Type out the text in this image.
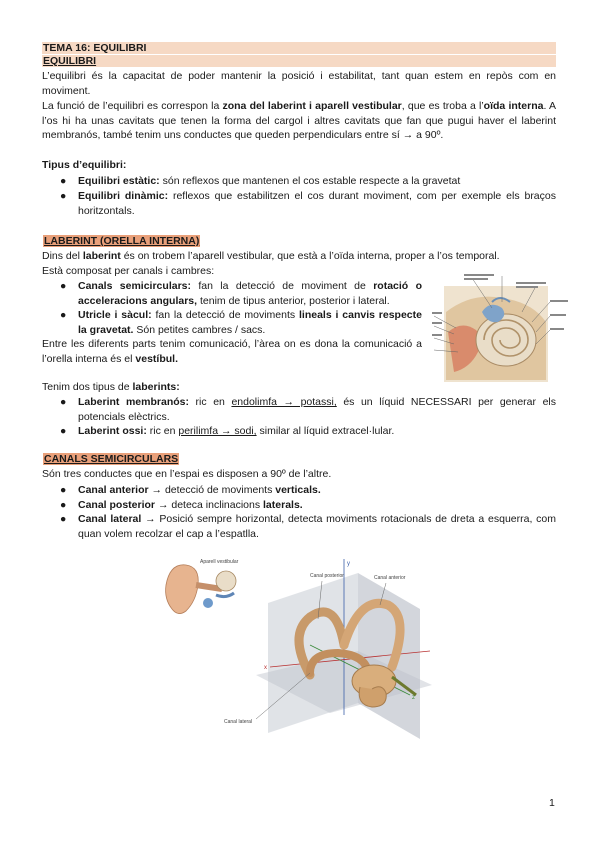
TEMA 16: EQUILIBRI
EQUILIBRI

L’equilibri és la capacitat de poder mantenir la posició i estabilitat, tant quan estem en repòs com en moviment.

La funció de l’equilibri es correspon la zona del laberint i aparell vestibular, que es troba a l’oïda interna. A l’os hi ha unas cavitats que tenen la forma del cargol i altres cavitats que fan que pugui haver el laberint membranós, també tenim uns conductes que queden perpendiculars entre sí → a 90º.

Tipus d’equilibri:

●	Equilibri estàtic: són reflexos que mantenen el cos estable respecte a la gravetat
●	Equilibri dinàmic: reflexos que estabilitzen el cos durant moviment, com per exemple els braços horitzontals.
LABERINT (ORELLA INTERNA)

Dins del laberint és on trobem l’aparell vestibular, que està a l’oïda interna, proper a l’os temporal.

Està composat per canals i cambres:

●	Canals semicirculars: fan la detecció de moviment de rotació o acceleracions angulars, tenim de tipus anterior, posterior i lateral.
●	Utricle i sàcul: fan la detecció de moviments lineals i canvis respecte la gravetat. Són petites cambres / sacs.

Entre les diferents parts tenim comunicació, l’àrea on es dona la comunicació a l’orella interna és el vestíbul.

Tenim dos tipus de laberints:

●	Laberint membranós: ric en endolimfa → potassi, és un líquid NECESSARI per generar els potencials elèctrics.
●	Laberint ossi: ric en perilimfa → sodi, similar al líquid extracel·lular.
CANALS SEMICIRCULARS

Són tres conductes que en l’espai es disposen a 90º de l’altre.

●	Canal anterior → detecció de moviments verticals.
●	Canal posterior → deteca inclinacions laterals.
●	Canal lateral → Posició sempre horizontal, detecta moviments rotacionals de dreta a esquerra, com quan volem recolzar el cap a l’espatlla.
Aparell vestibular
x
y
z
Canal posterior	Canal anterior
Canal lateral
1
